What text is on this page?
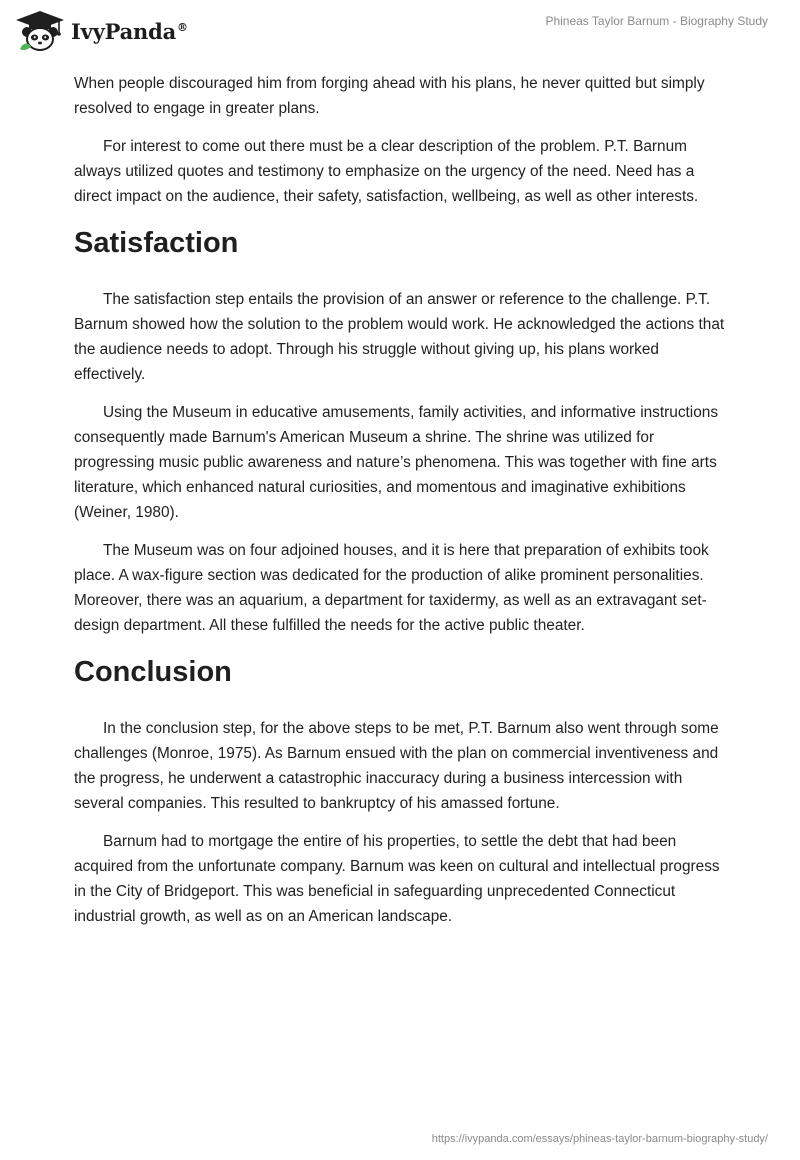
IvyPanda®	Phineas Taylor Barnum - Biography Study

When people discouraged him from forging ahead with his plans, he never quitted but simply resolved to engage in greater plans.

For interest to come out there must be a clear description of the problem. P.T. Barnum always utilized quotes and testimony to emphasize on the urgency of the need. Need has a direct impact on the audience, their safety, satisfaction, wellbeing, as well as other interests.

Satisfaction

The satisfaction step entails the provision of an answer or reference to the challenge. P.T. Barnum showed how the solution to the problem would work. He acknowledged the actions that the audience needs to adopt. Through his struggle without giving up, his plans worked effectively.

Using the Museum in educative amusements, family activities, and informative instructions consequently made Barnum's American Museum a shrine. The shrine was utilized for progressing music public awareness and nature’s phenomena. This was together with fine arts literature, which enhanced natural curiosities, and momentous and imaginative exhibitions (Weiner, 1980).

The Museum was on four adjoined houses, and it is here that preparation of exhibits took place. A wax-figure section was dedicated for the production of alike prominent personalities. Moreover, there was an aquarium, a department for taxidermy, as well as an extravagant set-design department. All these fulfilled the needs for the active public theater.

Conclusion

In the conclusion step, for the above steps to be met, P.T. Barnum also went through some challenges (Monroe, 1975). As Barnum ensued with the plan on commercial inventiveness and the progress, he underwent a catastrophic inaccuracy during a business intercession with several companies. This resulted to bankruptcy of his amassed fortune.

Barnum had to mortgage the entire of his properties, to settle the debt that had been acquired from the unfortunate company. Barnum was keen on cultural and intellectual progress in the City of Bridgeport. This was beneficial in safeguarding unprecedented Connecticut industrial growth, as well as on an American landscape.

https://ivypanda.com/essays/phineas-taylor-barnum-biography-study/
